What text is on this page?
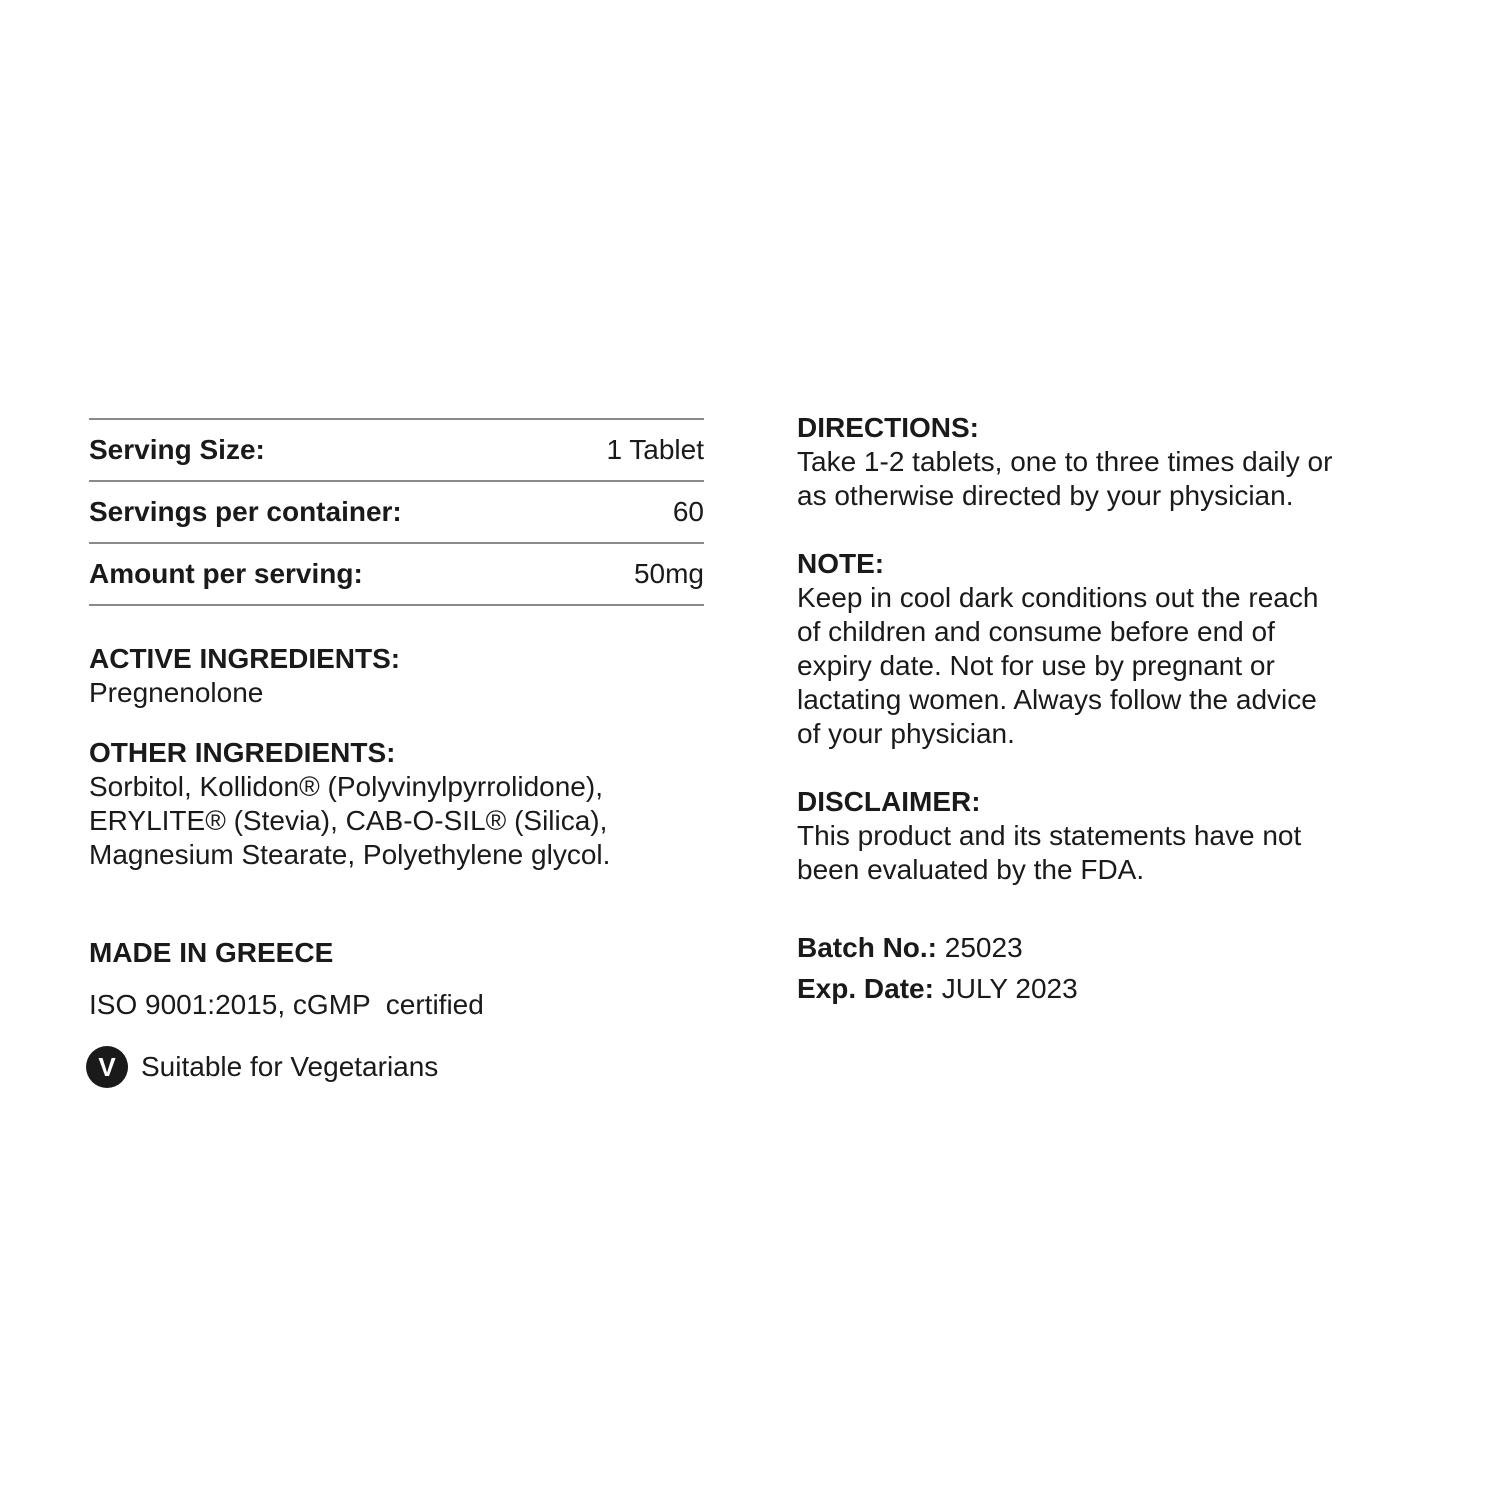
Serving Size:	1 Tablet
Servings per container:	60
Amount per serving:	50mg
ACTIVE INGREDIENTS:
Pregnenolone
OTHER INGREDIENTS:
Sorbitol, Kollidon® (Polyvinylpyrrolidone),
ERYLITE® (Stevia), CAB-O-SIL® (Silica),
Magnesium Stearate, Polyethylene glycol.
MADE IN GREECE
ISO 9001:2015, cGMP  certified
V Suitable for Vegetarians
DIRECTIONS:
Take 1-2 tablets, one to three times daily or
as otherwise directed by your physician.
NOTE:
Keep in cool dark conditions out the reach
of children and consume before end of
expiry date. Not for use by pregnant or
lactating women. Always follow the advice
of your physician.
DISCLAIMER:
This product and its statements have not
been evaluated by the FDA.
Batch No.: 25023
Exp. Date: JULY 2023
